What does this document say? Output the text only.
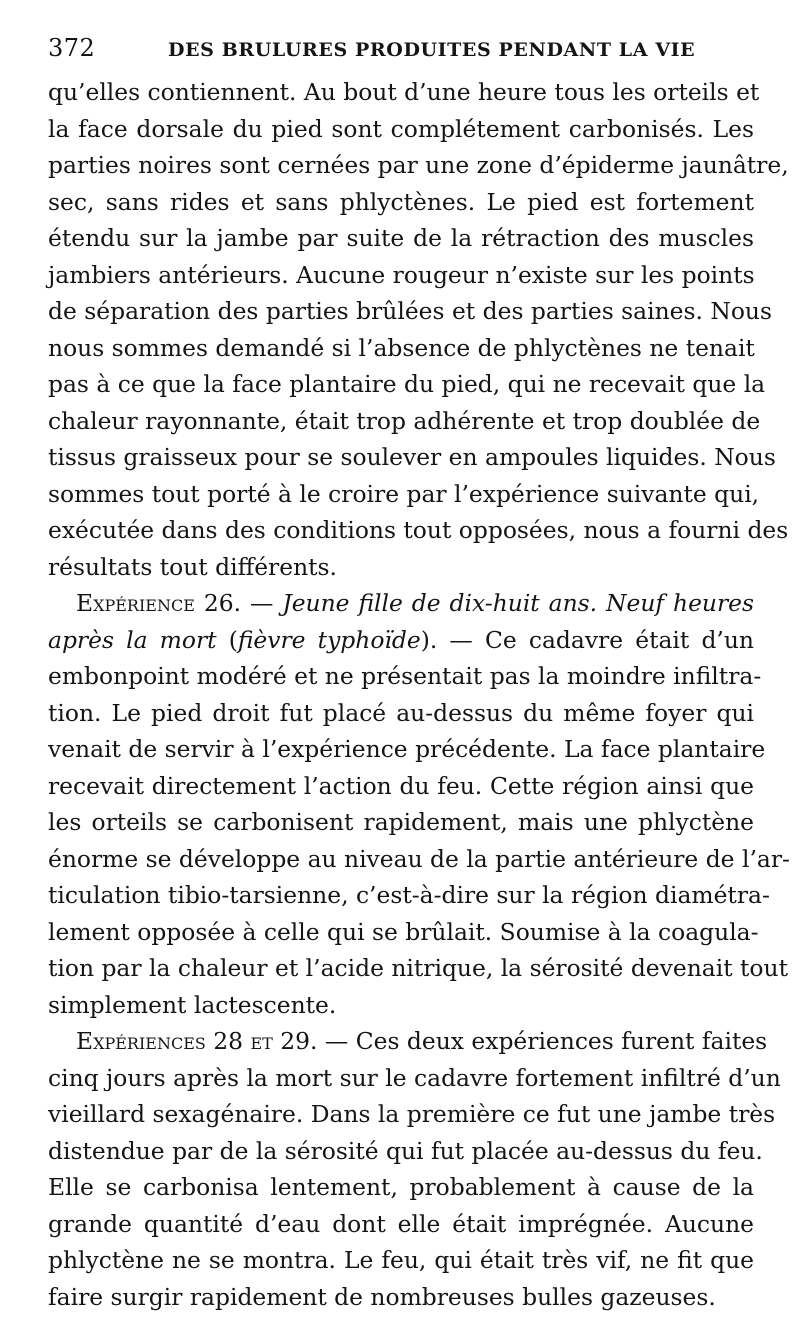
372	DES BRULURES PRODUITES PENDANT LA VIE

qu’elles contiennent. Au bout d’une heure tous les orteils et
la face dorsale du pied sont complétement carbonisés. Les
parties noires sont cernées par une zone d’épiderme jaunâtre,
sec, sans rides et sans phlyctènes. Le pied est fortement
étendu sur la jambe par suite de la rétraction des muscles
jambiers antérieurs. Aucune rougeur n’existe sur les points
de séparation des parties brûlées et des parties saines. Nous
nous sommes demandé si l’absence de phlyctènes ne tenait
pas à ce que la face plantaire du pied, qui ne recevait que la
chaleur rayonnante, était trop adhérente et trop doublée de
tissus graisseux pour se soulever en ampoules liquides. Nous
sommes tout porté à le croire par l’expérience suivante qui,
exécutée dans des conditions tout opposées, nous a fourni des
résultats tout différents.

Expérience 26. — Jeune fille de dix-huit ans. Neuf heures
après la mort (fièvre typhoïde). — Ce cadavre était d’un
embonpoint modéré et ne présentait pas la moindre infiltra-
tion. Le pied droit fut placé au-dessus du même foyer qui
venait de servir à l’expérience précédente. La face plantaire
recevait directement l’action du feu. Cette région ainsi que
les orteils se carbonisent rapidement, mais une phlyctène
énorme se développe au niveau de la partie antérieure de l’ar-
ticulation tibio-tarsienne, c’est-à-dire sur la région diamétra-
lement opposée à celle qui se brûlait. Soumise à la coagula-
tion par la chaleur et l’acide nitrique, la sérosité devenait tout
simplement lactescente.

Expériences 28 et 29. — Ces deux expériences furent faites
cinq jours après la mort sur le cadavre fortement infiltré d’un
vieillard sexagénaire. Dans la première ce fut une jambe très
distendue par de la sérosité qui fut placée au-dessus du feu.
Elle se carbonisa lentement, probablement à cause de la
grande quantité d’eau dont elle était imprégnée. Aucune
phlyctène ne se montra. Le feu, qui était très vif, ne fit que
faire surgir rapidement de nombreuses bulles gazeuses.
